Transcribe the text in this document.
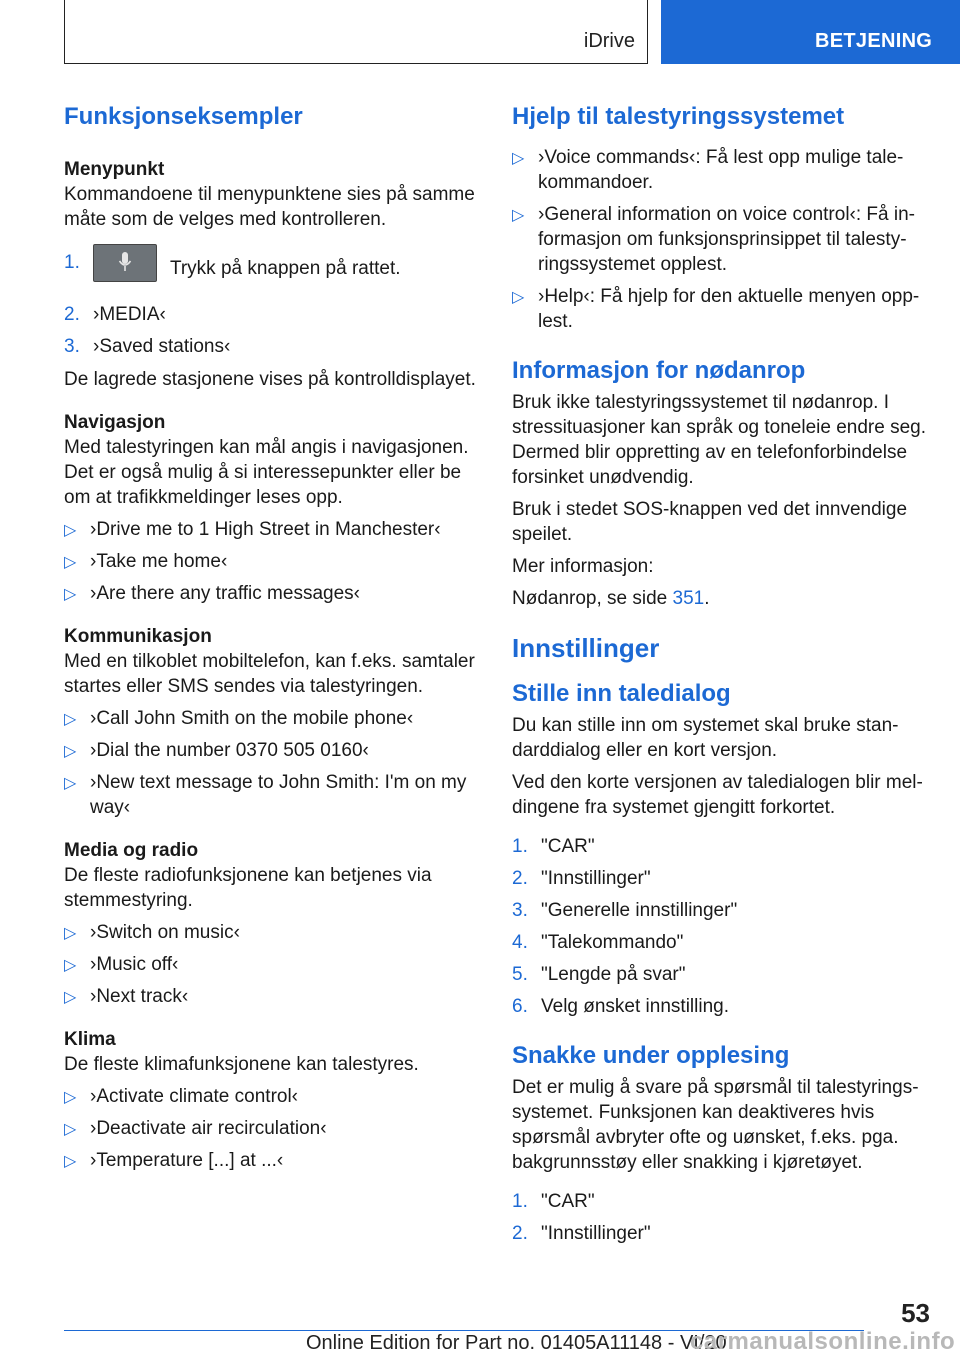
iDrive	BETJENING
Funksjonseksempler
Menypunkt

Kommandoene til menypunktene sies på samme måte som de velges med kontrolleren.

1.	Trykk på knappen på rattet.
2. ›MEDIA‹
3. ›Saved stations‹

De lagrede stasjonene vises på kontrolldisplayet.

Navigasjon

Med talestyringen kan mål angis i navigasjonen. Det er også mulig å si interessepunkter eller be om at trafikkmeldinger leses opp.

▷ ›Drive me to 1 High Street in Manchester‹
▷ ›Take me home‹
▷ ›Are there any traffic messages‹
Kommunikasjon

Med en tilkoblet mobiltelefon, kan f.eks. samtaler startes eller SMS sendes via talestyringen.

▷ ›Call John Smith on the mobile phone‹
▷ ›Dial the number 0370 505 0160‹
▷ ›New text message to John Smith: I'm on my way‹
Media og radio

De fleste radiofunksjonene kan betjenes via stemmestyring.

▷ ›Switch on music‹
▷ ›Music off‹
▷ ›Next track‹
Klima

De fleste klimafunksjonene kan talestyres.

▷ ›Activate climate control‹
▷ ›Deactivate air recirculation‹
▷ ›Temperature [...] at ...‹
Hjelp til talestyringssystemet
▷ ›Voice commands‹: Få lest opp mulige tale-kommandoer.
▷ ›General information on voice control‹: Få in-formasjon om funksjonsprinsippet til talesty-ringssystemet opplest.
▷ ›Help‹: Få hjelp for den aktuelle menyen opp-lest.
Informasjon for nødanrop

Bruk ikke talestyringssystemet til nødanrop. I stressituasjoner kan språk og toneleie endre seg. Dermed blir oppretting av en telefonforbindelse forsinket unødvendig.

Bruk i stedet SOS-knappen ved det innvendige speilet.

Mer informasjon:

Nødanrop, se side 351.

Innstillinger
Stille inn taledialog

Du kan stille inn om systemet skal bruke stan-darddialog eller en kort versjon.

Ved den korte versjonen av taledialogen blir mel-dingene fra systemet gjengitt forkortet.

1. "CAR"
2. "Innstillinger"
3. "Generelle innstillinger"
4. "Talekommando"
5. "Lengde på svar"
6. Velg ønsket innstilling.
Snakke under opplesing

Det er mulig å svare på spørsmål til talestyrings-systemet. Funksjonen kan deaktiveres hvis spørsmål avbryter ofte og uønsket, f.eks. pga. bakgrunnsstøy eller snakking i kjøretøyet.

1. "CAR"
2. "Innstillinger"
53
Online Edition for Part no. 01405A11148 - VI/20
carmanualsonline.info
